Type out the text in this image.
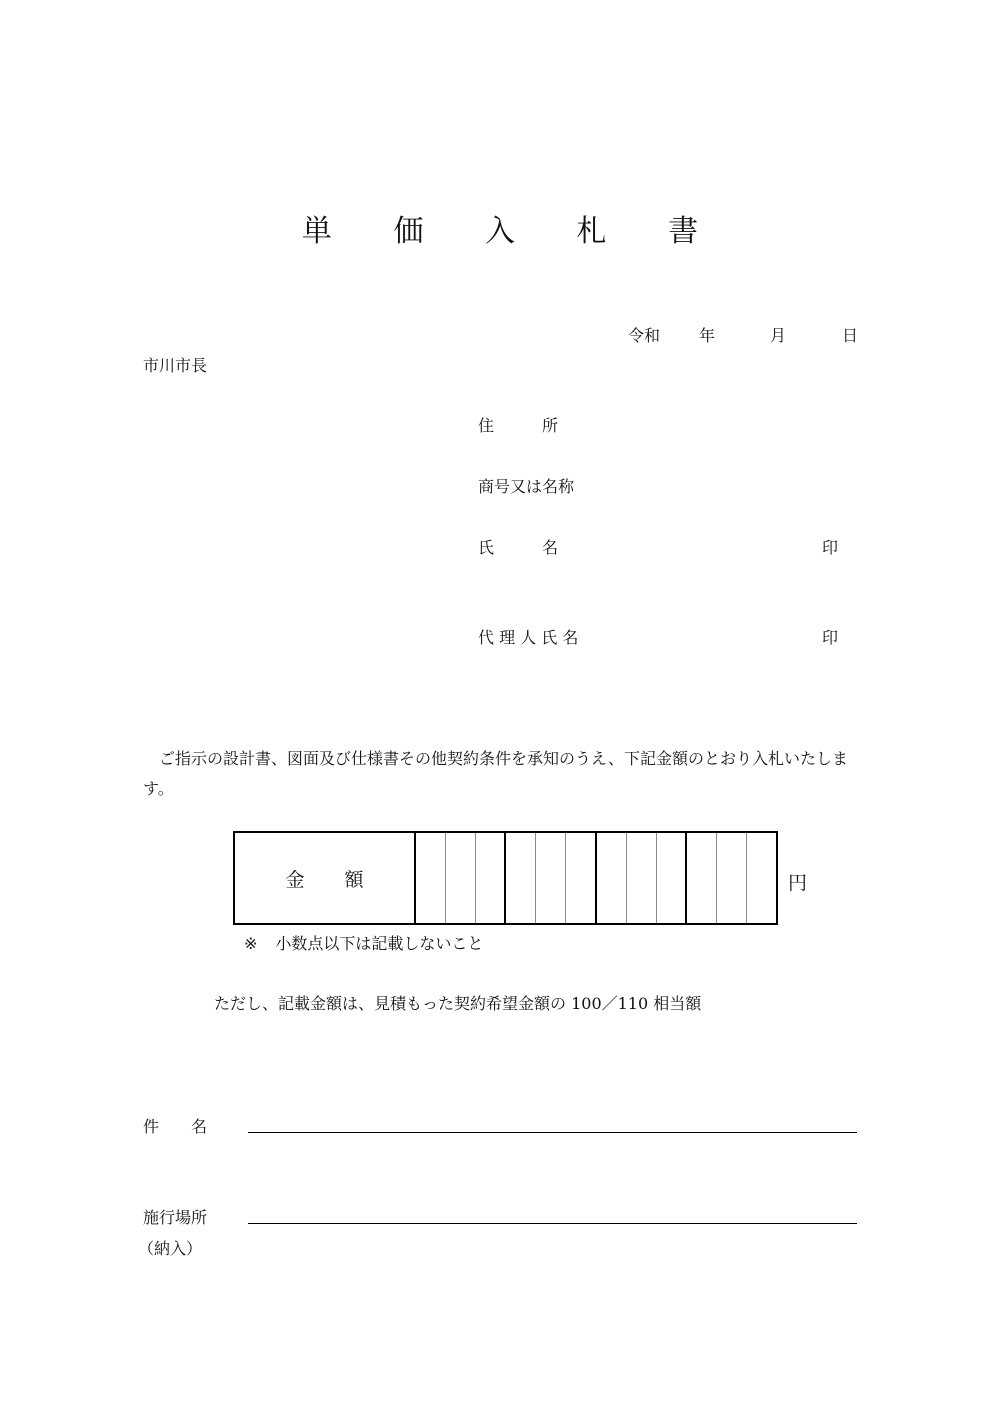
単 価 入 札 書
令和 年	月	日
市川市長
住　　　所
商号又は名称
氏　　　名	印
代 理 人 氏 名	印
ご指示の設計書、図面及び仕様書その他契約条件を承知のうえ、下記金額のとおり入札いたします。
金 額	円
※ 小数点以下は記載しないこと
ただし、記載金額は、見積もった契約希望金額の 100／110 相当額
件　　名
施行場所
（納入）
